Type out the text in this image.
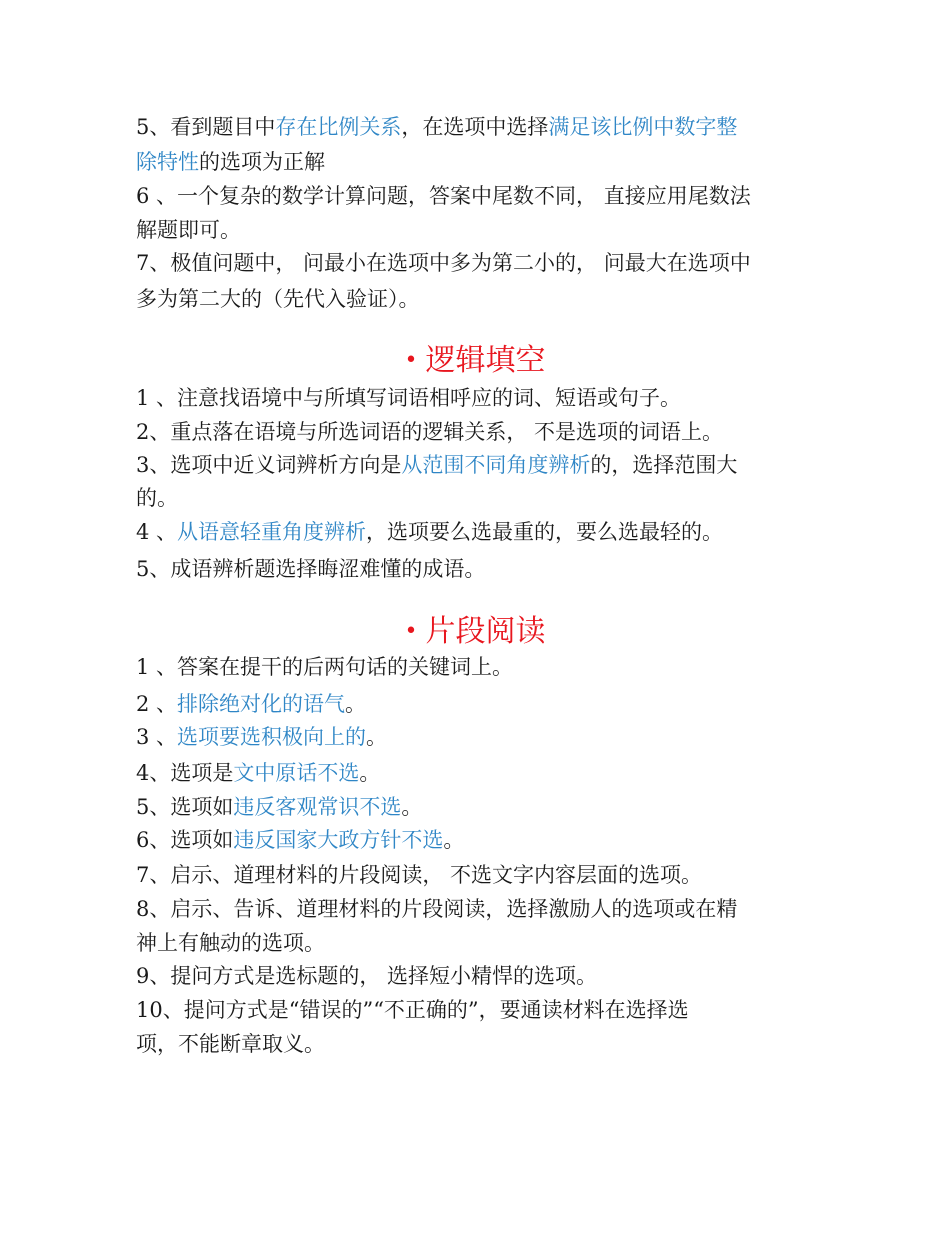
5、看到题目中存在比例关系，在选项中选择满足该比例中数字整
除特性的选项为正解
6 、一个复杂的数学计算问题，答案中尾数不同， 直接应用尾数法
解题即可。
7、极值问题中， 问最小在选项中多为第二小的， 问最大在选项中
多为第二大的（先代入验证）。
• 逻辑填空
1 、注意找语境中与所填写词语相呼应的词、短语或句子。
2、重点落在语境与所选词语的逻辑关系， 不是选项的词语上。
3、选项中近义词辨析方向是从范围不同角度辨析的，选择范围大
的。
4 、从语意轻重角度辨析，选项要么选最重的，要么选最轻的。
5、成语辨析题选择晦涩难懂的成语。
• 片段阅读
1 、答案在提干的后两句话的关键词上。
2 、排除绝对化的语气。
3 、选项要选积极向上的。
4、选项是文中原话不选。
5、选项如违反客观常识不选。
6、选项如违反国家大政方针不选。
7、启示、道理材料的片段阅读， 不选文字内容层面的选项。
8、启示、告诉、道理材料的片段阅读，选择激励人的选项或在精
神上有触动的选项。
9、提问方式是选标题的， 选择短小精悍的选项。
10、提问方式是“错误的”“不正确的”，要通读材料在选择选
项，不能断章取义。
